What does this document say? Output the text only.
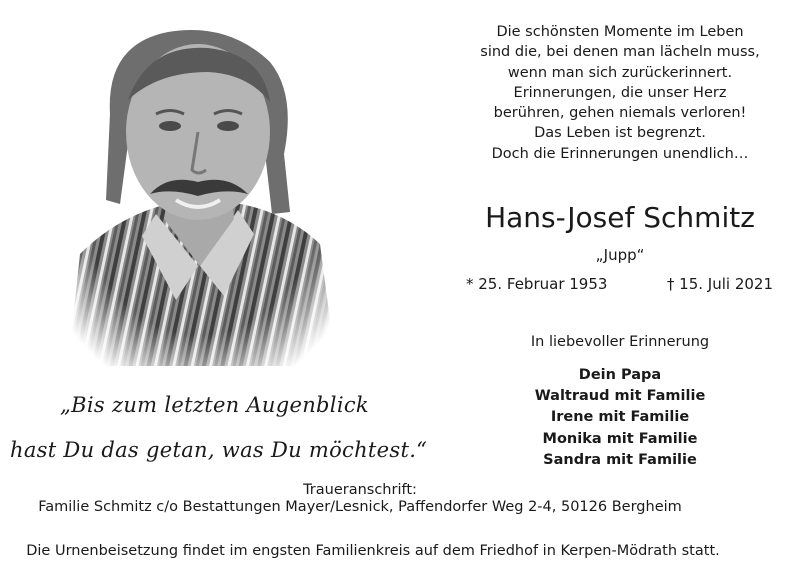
Die schönsten Momente im Leben
sind die, bei denen man lächeln muss,
wenn man sich zurückerinnert.
Erinnerungen, die unser Herz
berühren, gehen niemals verloren!
Das Leben ist begrenzt.
Doch die Erinnerungen unendlich…
Hans-Josef Schmitz
„Jupp“
* 25. Februar 1953	† 15. Juli 2021
In liebevoller Erinnerung
Dein Papa
Waltraud mit Familie
Irene mit Familie
Monika mit Familie
Sandra mit Familie
„Bis zum letzten Augenblick
hast Du das getan, was Du möchtest.“
Traueranschrift:
Familie Schmitz c/o Bestattungen Mayer/Lesnick, Paffendorfer Weg 2-4, 50126 Bergheim
Die Urnenbeisetzung findet im engsten Familienkreis auf dem Friedhof in Kerpen-Mödrath statt.
